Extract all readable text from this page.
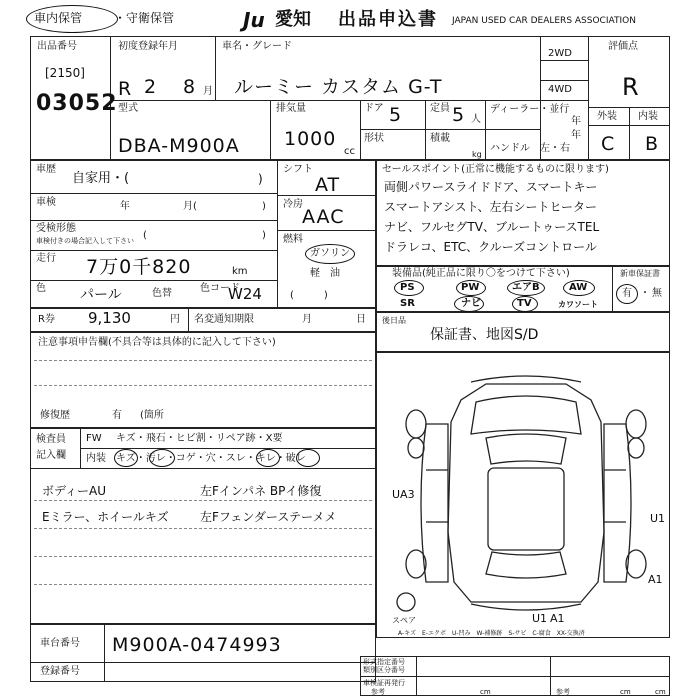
車内保管	・ 守衛保管	Ju 愛知 出品申込書 JAPAN USED CAR DEALERS ASSOCIATION
出品番号
[2150]
03052
初度登録年月
R 2 8 月
車名・グレード
ルーミー カスタム G-T
2WD
4WD
評価点
R
外装 内装
C B
型式
DBA-M900A
排気量
1000
cc
ドア 5
形状
定員 5 人
積載
kg
ディーラー・並行
年
年
ハンドル　左・右
車歴
自家用・(	)
車検	年	月(	)
受検形態
車検付きの場合記入して下さい (	)
走行 7万0千820	km
色 パール	色替	色コード
W24
シフト
AT
冷房
AAC
燃料
ガソリン
軽　油
(　　　)
セールスポイント(正常に機能するものに限ります)
両側パワースライドドア、スマートキー
スマートアシスト、左右シートヒーター
ナビ、フルセグTV、ブルートゥースTEL
ドラレコ、ETC、クルーズコントロール
装備品(純正品に限り〇をつけて下さい)
PS	PW	エアB	AW
SR	ナビ	TV	カワソート
新車保証書
有 ・ 無
R券 9,130	円 名変通知期限	月	日 後日品
保証書、地図S/D
注意事項申告欄(不具合等は具体的に記入して下さい)
修復歴	有 (箇所
検査員
記入欄
FW キズ・飛石・ヒビ割・リペア跡・X要
内装 キズ・汚レ・コゲ・穴・スレ・キレ・破レ
ボディーAU	左Fインパネ BPイ修復
Eミラー、ホイールキズ	左Fフェンダーステーメメ
UA3
U1
A1
U1 A1
スペア
A-キズ　E-エクボ　U-凹み　W-補修跡　S-サビ　C-腐食　XX-交換済
車台番号 M900A-0474993
登録番号
形式指定番号
類別区分番号
車検証再発行
参考	cm	参考	cm	cm
